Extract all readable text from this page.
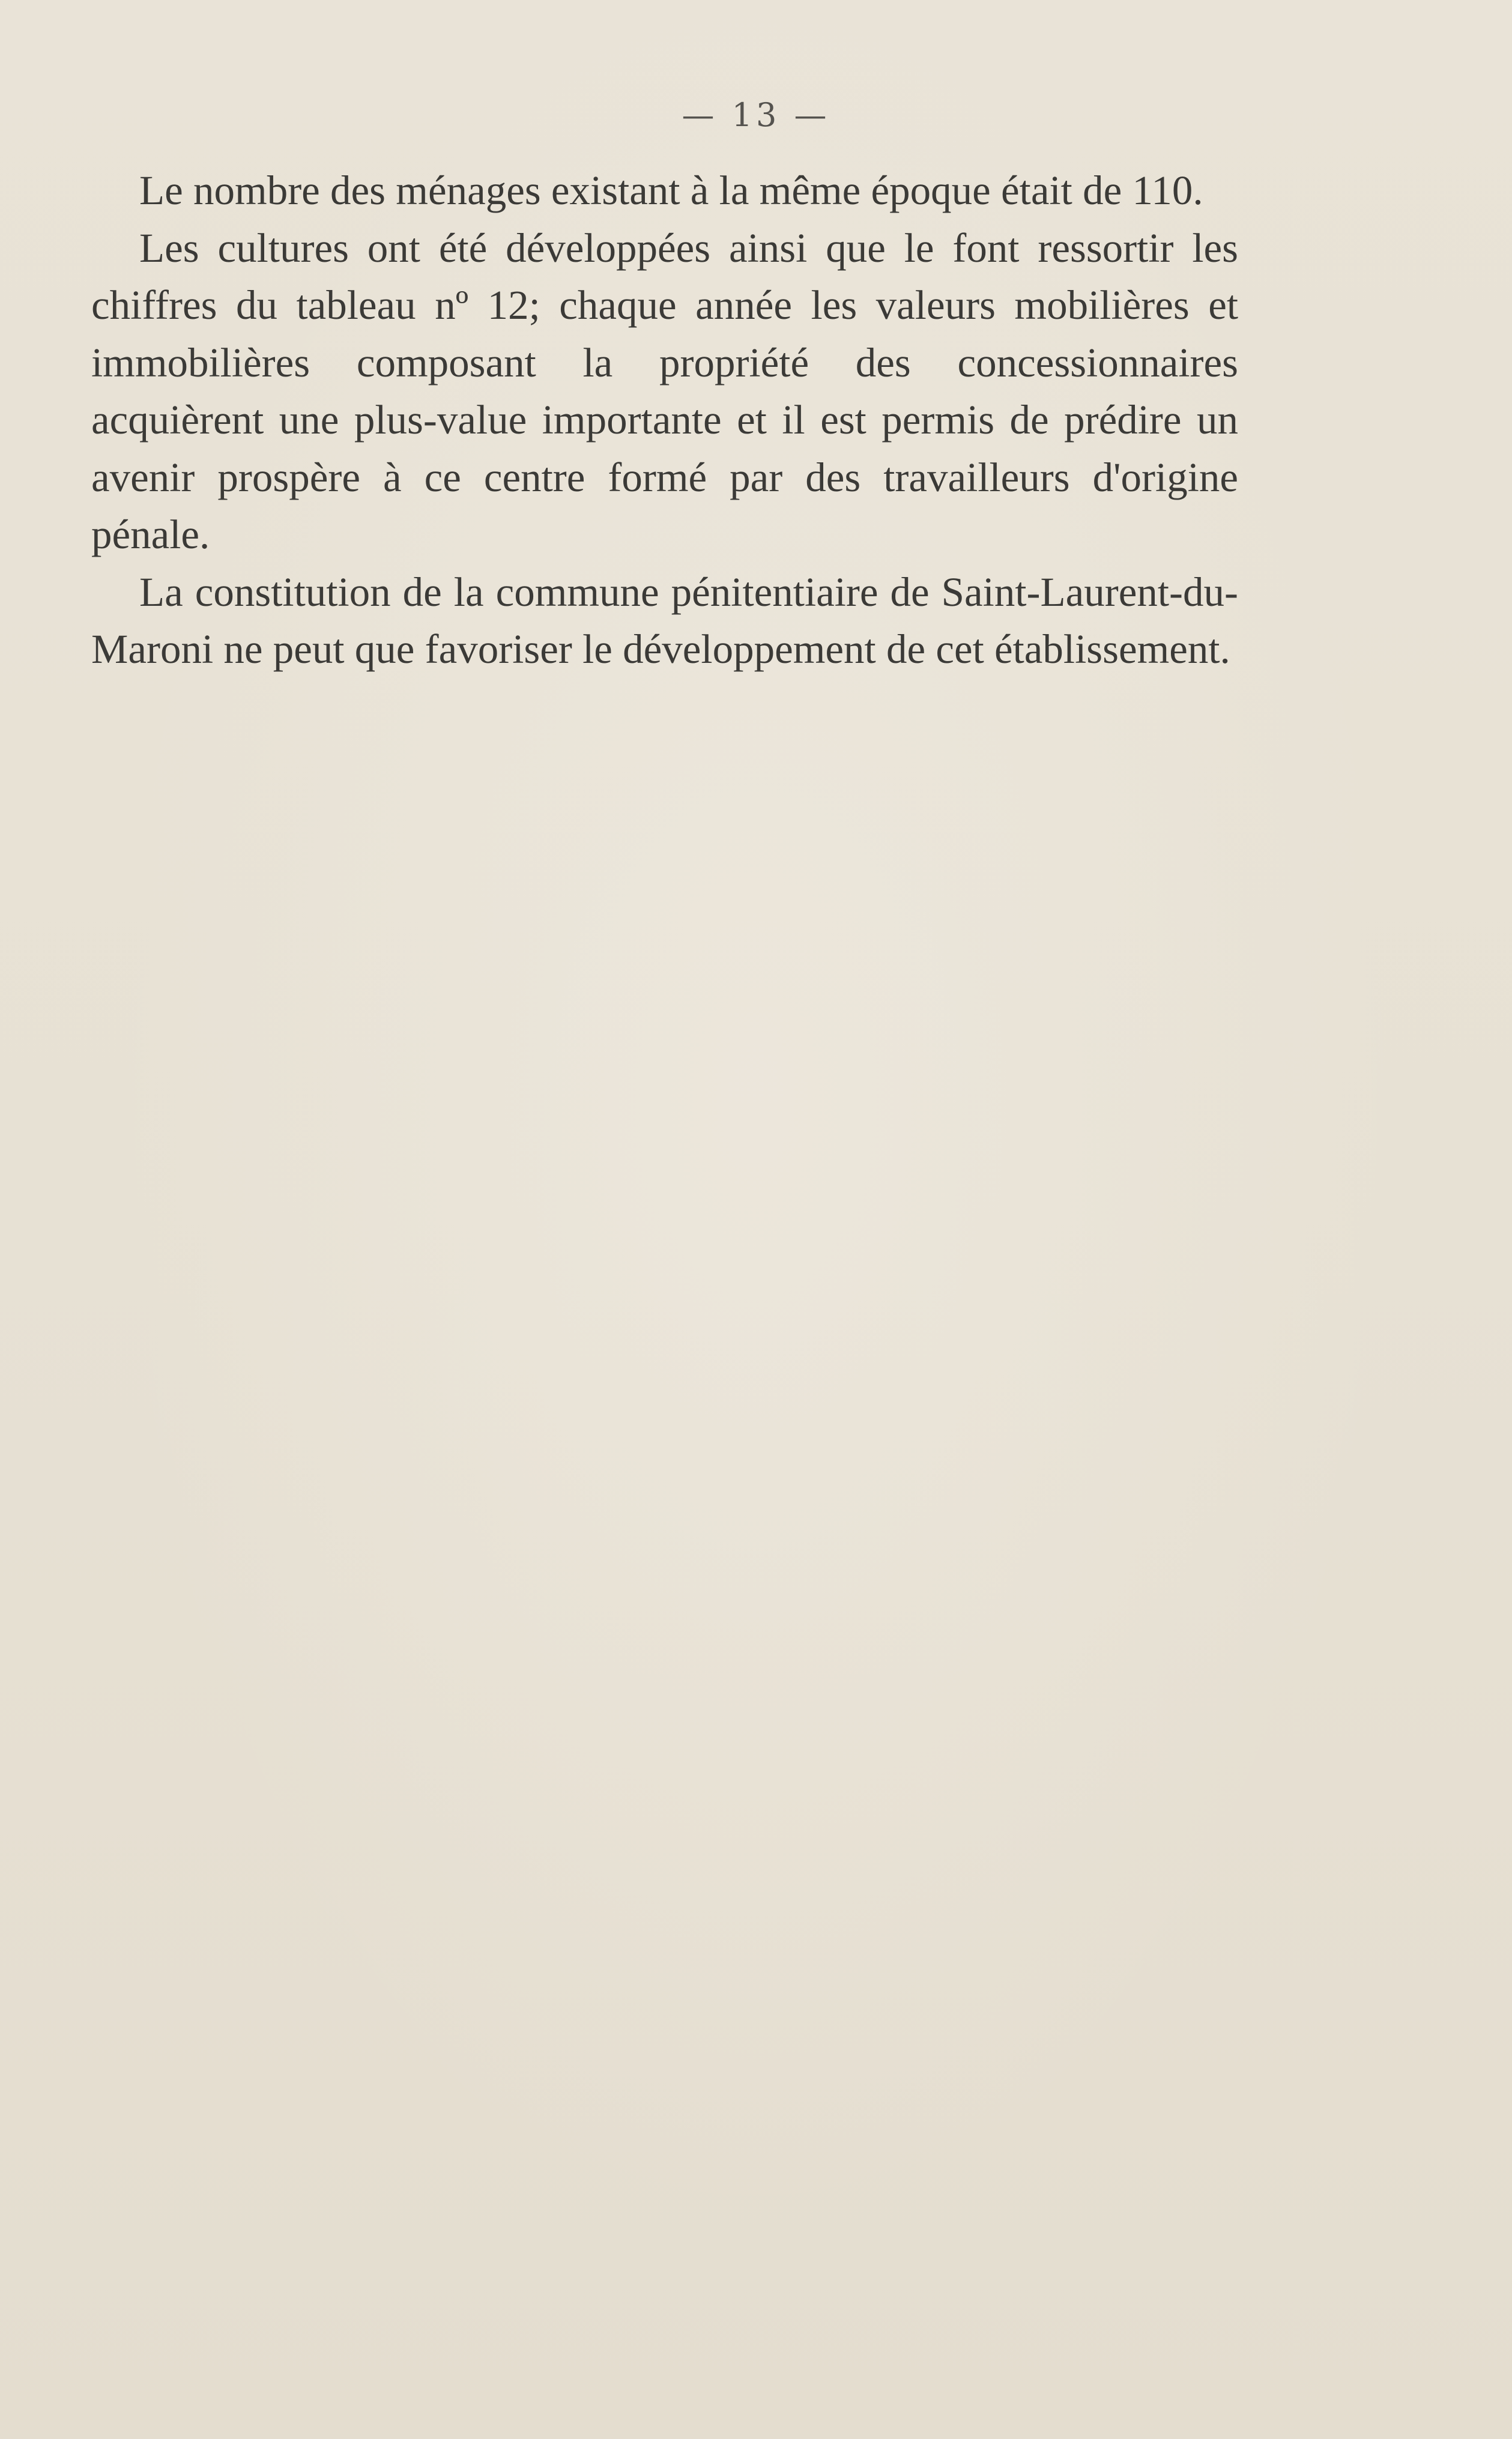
— 13 —

Le nombre des ménages existant à la même époque était de 110.

Les cultures ont été développées ainsi que le font ressortir les chiffres du tableau nº 12; chaque année les valeurs mobilières et immobilières composant la propriété des concessionnaires acquièrent une plus-value importante et il est permis de prédire un avenir prospère à ce centre formé par des travailleurs d'origine pénale.

La constitution de la commune pénitentiaire de Saint-Laurent-du-Maroni ne peut que favoriser le développement de cet établissement.
